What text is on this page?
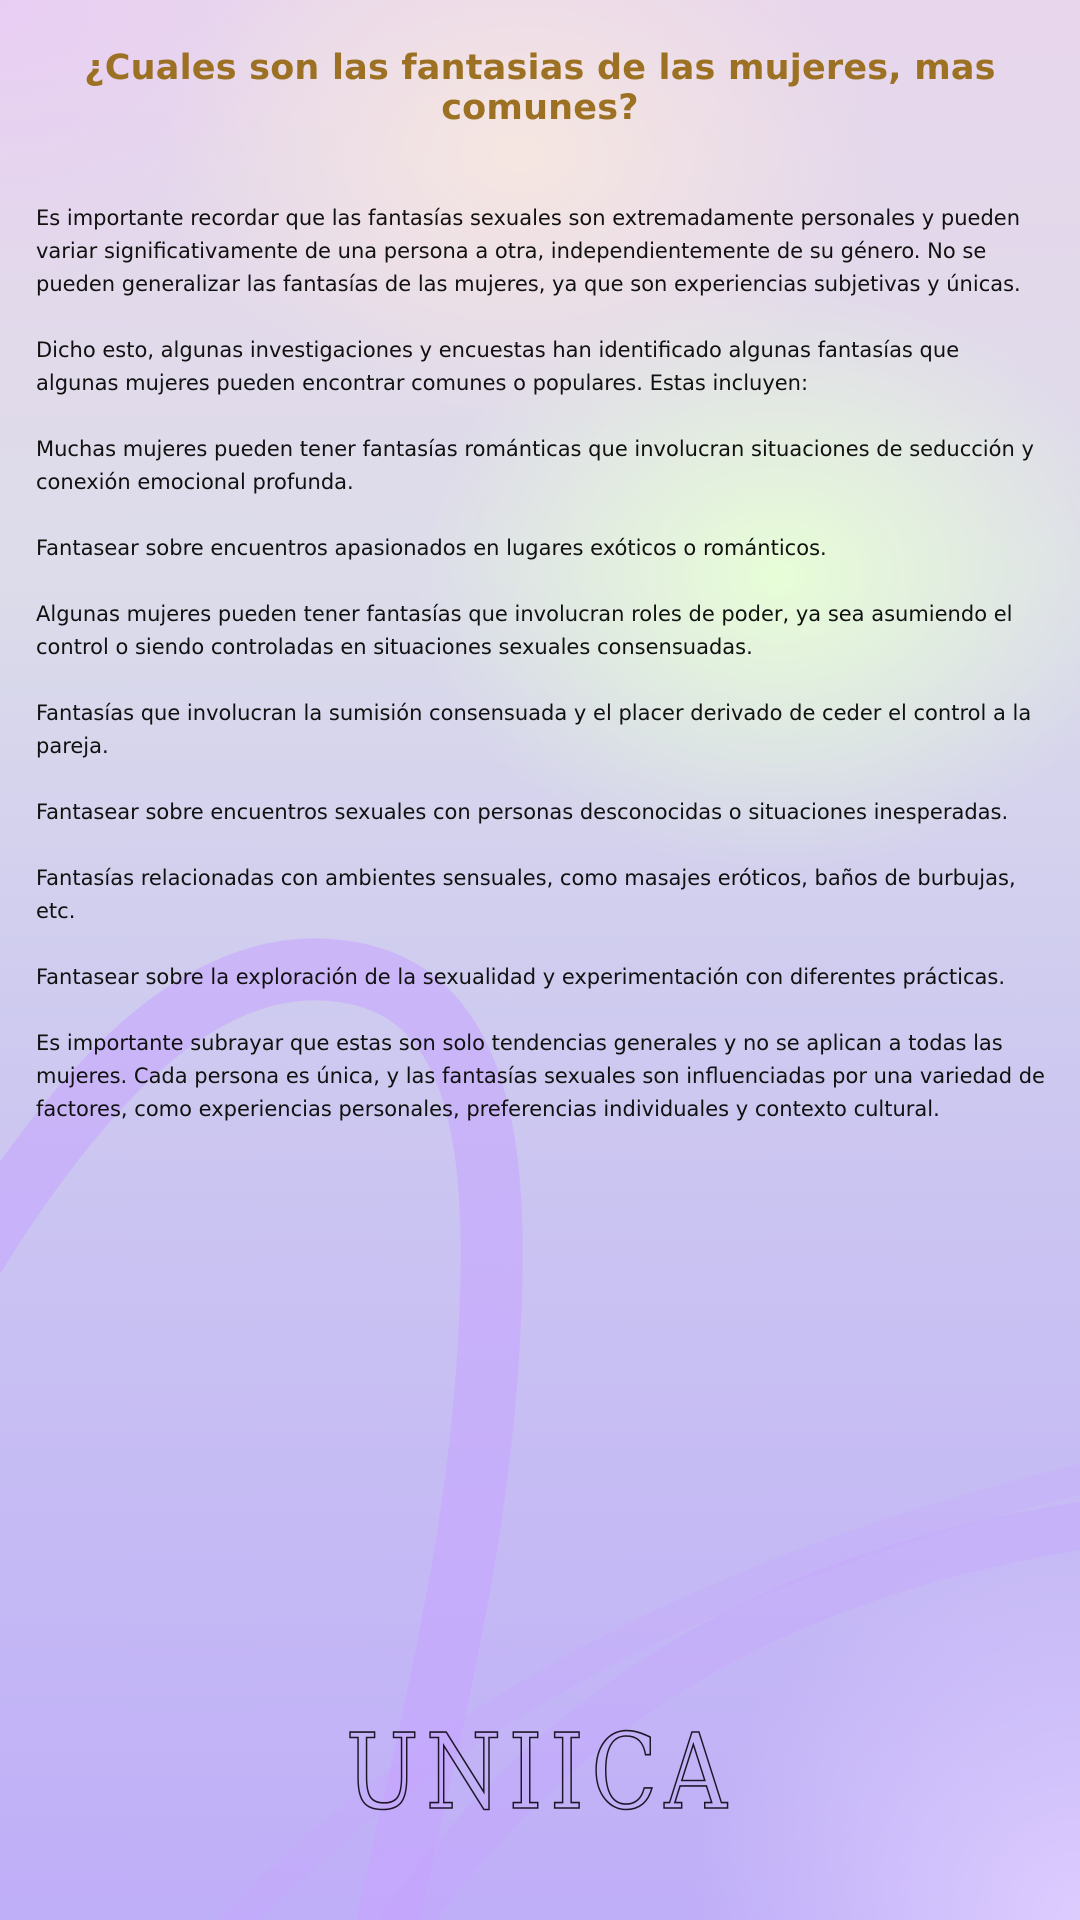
¿Cuales son las fantasias de las mujeres, mas comunes?

Es importante recordar que las fantasías sexuales son extremadamente personales y pueden variar significativamente de una persona a otra, independientemente de su género. No se pueden generalizar las fantasías de las mujeres, ya que son experiencias subjetivas y únicas.

Dicho esto, algunas investigaciones y encuestas han identificado algunas fantasías que algunas mujeres pueden encontrar comunes o populares. Estas incluyen:

Muchas mujeres pueden tener fantasías románticas que involucran situaciones de seducción y conexión emocional profunda.

Fantasear sobre encuentros apasionados en lugares exóticos o románticos.

Algunas mujeres pueden tener fantasías que involucran roles de poder, ya sea asumiendo el control o siendo controladas en situaciones sexuales consensuadas.

Fantasías que involucran la sumisión consensuada y el placer derivado de ceder el control a la pareja.

Fantasear sobre encuentros sexuales con personas desconocidas o situaciones inesperadas.

Fantasías relacionadas con ambientes sensuales, como masajes eróticos, baños de burbujas, etc.

Fantasear sobre la exploración de la sexualidad y experimentación con diferentes prácticas.

Es importante subrayar que estas son solo tendencias generales y no se aplican a todas las mujeres. Cada persona es única, y las fantasías sexuales son influenciadas por una variedad de factores, como experiencias personales, preferencias individuales y contexto cultural.

UNIICA
